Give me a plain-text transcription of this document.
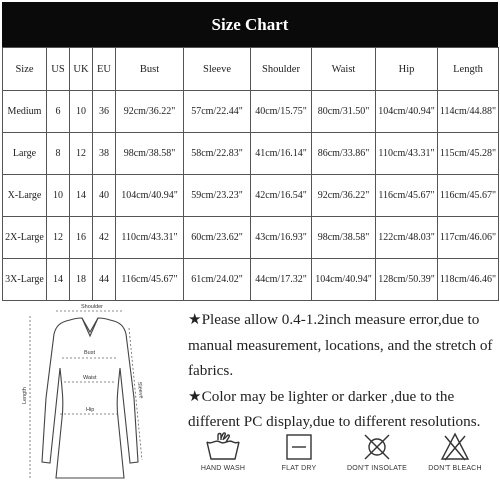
Size Chart
Size	US	UK	EU	Bust	Sleeve	Shoulder	Waist	Hip	Length
Medium	6	10	36	92cm/36.22"	57cm/22.44"	40cm/15.75"	80cm/31.50"	104cm/40.94"	114cm/44.88"
Large	8	12	38	98cm/38.58"	58cm/22.83"	41cm/16.14"	86cm/33.86"	110cm/43.31"	115cm/45.28"
X-Large	10	14	40	104cm/40.94"	59cm/23.23"	42cm/16.54"	92cm/36.22"	116cm/45.67"	116cm/45.67"
2X-Large	12	16	42	110cm/43.31"	60cm/23.62"	43cm/16.93"	98cm/38.58"	122cm/48.03"	117cm/46.06"
3X-Large	14	18	44	116cm/45.67"	61cm/24.02"	44cm/17.32"	104cm/40.94"	128cm/50.39"	118cm/46.46"
Shoulder
Bust
Waist
Hip
Length	Sleeve

★Please allow 0.4-1.2inch measure error,due to manual measurement, locations, and the stretch of fabrics.

★Color may be lighter or darker ,due to the different PC display,due to different resolutions.

HAND WASH	FLAT DRY	DON'T INSOLATE	DON'T BLEACH
